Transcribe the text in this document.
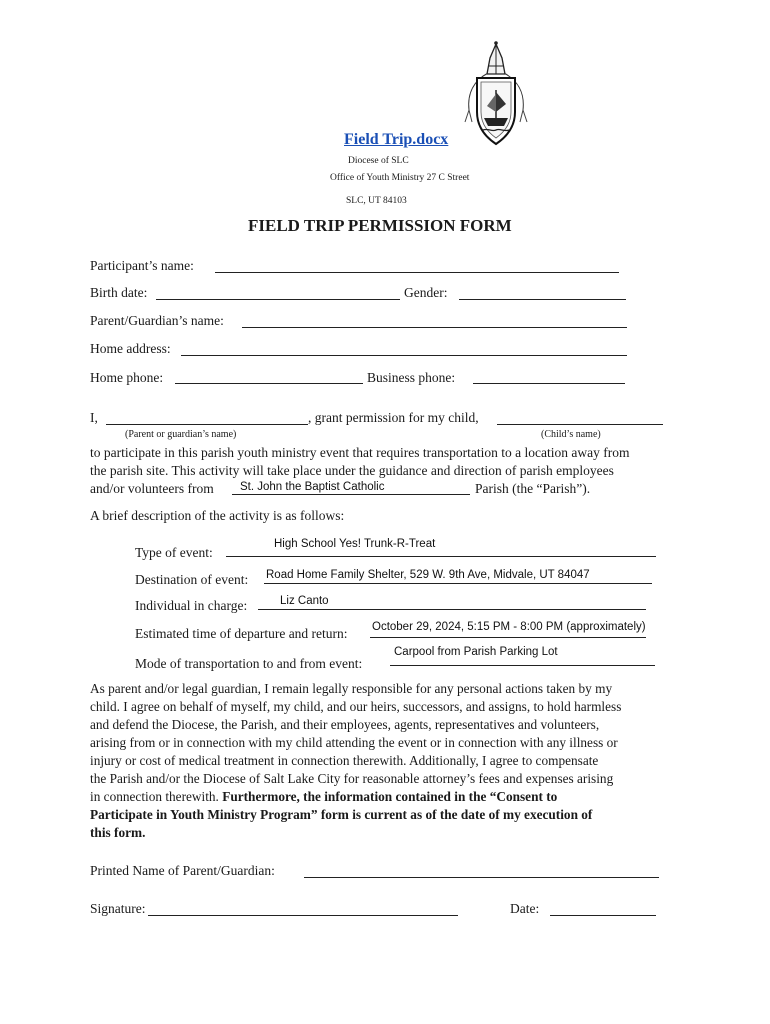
Field Trip.docx
Diocese of SLC
Office of Youth Ministry 27 C Street
SLC, UT 84103
FIELD TRIP PERMISSION FORM
Participant’s name:
Birth date:	Gender:
Parent/Guardian’s name:
Home address:
Home phone:	Business phone:
I,	, grant permission for my child,
(Parent or guardian’s name)	(Child’s name)
to participate in this parish youth ministry event that requires transportation to a location away from
the parish site. This activity will take place under the guidance and direction of parish employees
and/or volunteers from St. John the Baptist Catholic	Parish (the “Parish”).
A brief description of the activity is as follows:
Type of event:
High School Yes! Trunk-R-Treat
Destination of event: Road Home Family Shelter, 529 W. 9th Ave, Midvale, UT 84047
Individual in charge:	Liz Canto
Estimated time of departure and return: October 29, 2024, 5:15 PM - 8:00 PM (approximately)
Mode of transportation to and from event:
Carpool from Parish Parking Lot
As parent and/or legal guardian, I remain legally responsible for any personal actions taken by my
child. I agree on behalf of myself, my child, and our heirs, successors, and assigns, to hold harmless
and defend the Diocese, the Parish, and their employees, agents, representatives and volunteers,
arising from or in connection with my child attending the event or in connection with any illness or
injury or cost of medical treatment in connection therewith. Additionally, I agree to compensate
the Parish and/or the Diocese of Salt Lake City for reasonable attorney’s fees and expenses arising
in connection therewith. Furthermore, the information contained in the “Consent to
Participate in Youth Ministry Program” form is current as of the date of my execution of
this form.
Printed Name of Parent/Guardian:
Signature:	Date:
